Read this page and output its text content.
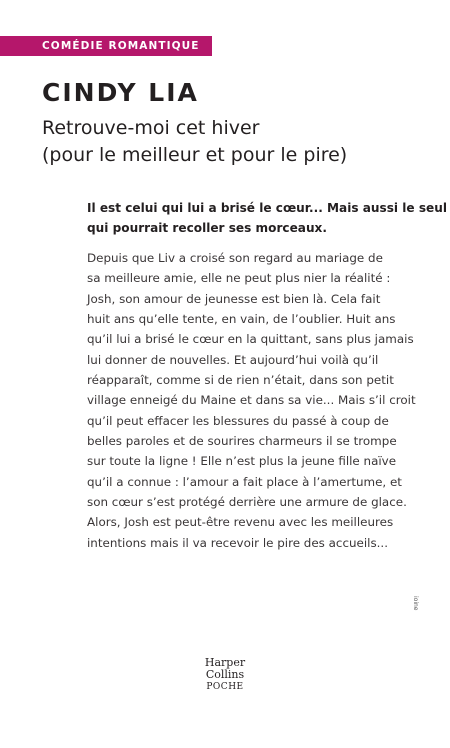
COMÉDIE ROMANTIQUE
CINDY LIA
Retrouve-moi cet hiver
(pour le meilleur et pour le pire)
Il est celui qui lui a brisé le cœur... Mais aussi le seul
qui pourrait recoller ses morceaux.
Depuis que Liv a croisé son regard au mariage de
sa meilleure amie, elle ne peut plus nier la réalité :
Josh, son amour de jeunesse est bien là. Cela fait
huit ans qu’elle tente, en vain, de l’oublier. Huit ans
qu’il lui a brisé le cœur en la quittant, sans plus jamais
lui donner de nouvelles. Et aujourd’hui voilà qu’il
réapparaît, comme si de rien n’était, dans son petit
village enneigé du Maine et dans sa vie... Mais s’il croit
qu’il peut effacer les blessures du passé à coup de
belles paroles et de sourires charmeurs il se trompe
sur toute la ligne ! Elle n’est plus la jeune fille naïve
qu’il a connue : l’amour a fait place à l’amertume, et
son cœur s’est protégé derrière une armure de glace.
Alors, Josh est peut-être revenu avec les meilleures
intentions mais il va recevoir le pire des accueils...
ioine
Harper
Collins
POCHE
